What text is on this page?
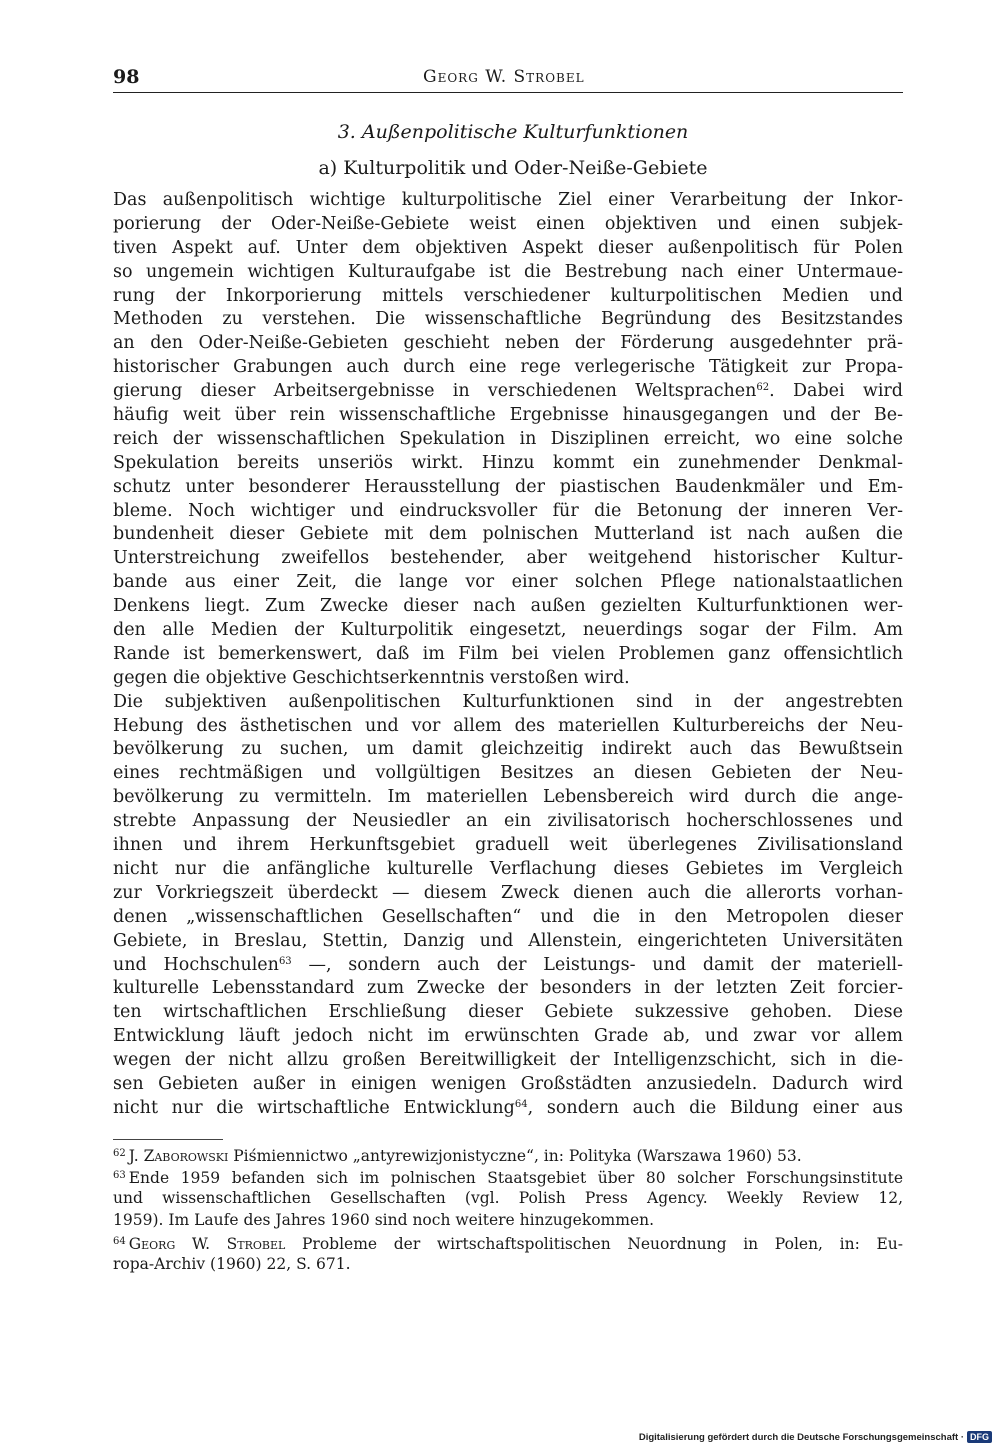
98	Georg W. Strobel
3. Außenpolitische Kulturfunktionen
a) Kulturpolitik und Oder-Neiße-Gebiete
Das außenpolitisch wichtige kulturpolitische Ziel einer Verarbeitung der Inkor-
porierung der Oder-Neiße-Gebiete weist einen objektiven und einen subjek-
tiven Aspekt auf. Unter dem objektiven Aspekt dieser außenpolitisch für Polen
so ungemein wichtigen Kulturaufgabe ist die Bestrebung nach einer Untermaue-
rung der Inkorporierung mittels verschiedener kulturpolitischen Medien und
Methoden zu verstehen. Die wissenschaftliche Begründung des Besitzstandes
an den Oder-Neiße-Gebieten geschieht neben der Förderung ausgedehnter prä-
historischer Grabungen auch durch eine rege verlegerische Tätigkeit zur Propa-
gierung dieser Arbeitsergebnisse in verschiedenen Weltsprachen$^{62}$. Dabei wird
häufig weit über rein wissenschaftliche Ergebnisse hinausgegangen und der Be-
reich der wissenschaftlichen Spekulation in Disziplinen erreicht, wo eine solche
Spekulation bereits unseriös wirkt. Hinzu kommt ein zunehmender Denkmal-
schutz unter besonderer Herausstellung der piastischen Baudenkmäler und Em-
bleme. Noch wichtiger und eindrucksvoller für die Betonung der inneren Ver-
bundenheit dieser Gebiete mit dem polnischen Mutterland ist nach außen die
Unterstreichung zweifellos bestehender, aber weitgehend historischer Kultur-
bande aus einer Zeit, die lange vor einer solchen Pflege nationalstaatlichen
Denkens liegt. Zum Zwecke dieser nach außen gezielten Kulturfunktionen wer-
den alle Medien der Kulturpolitik eingesetzt, neuerdings sogar der Film. Am
Rande ist bemerkenswert, daß im Film bei vielen Problemen ganz offensichtlich
gegen die objektive Geschichtserkenntnis verstoßen wird.
Die subjektiven außenpolitischen Kulturfunktionen sind in der angestrebten
Hebung des ästhetischen und vor allem des materiellen Kulturbereichs der Neu-
bevölkerung zu suchen, um damit gleichzeitig indirekt auch das Bewußtsein
eines rechtmäßigen und vollgültigen Besitzes an diesen Gebieten der Neu-
bevölkerung zu vermitteln. Im materiellen Lebensbereich wird durch die ange-
strebte Anpassung der Neusiedler an ein zivilisatorisch hocherschlossenes und
ihnen und ihrem Herkunftsgebiet graduell weit überlegenes Zivilisationsland
nicht nur die anfängliche kulturelle Verflachung dieses Gebietes im Vergleich
zur Vorkriegszeit überdeckt — diesem Zweck dienen auch die allerorts vorhan-
denen „wissenschaftlichen Gesellschaften“ und die in den Metropolen dieser
Gebiete, in Breslau, Stettin, Danzig und Allenstein, eingerichteten Universitäten
und Hochschulen$^{63}$ —, sondern auch der Leistungs- und damit der materiell-
kulturelle Lebensstandard zum Zwecke der besonders in der letzten Zeit forcier-
ten wirtschaftlichen Erschließung dieser Gebiete sukzessive gehoben. Diese
Entwicklung läuft jedoch nicht im erwünschten Grade ab, und zwar vor allem
wegen der nicht allzu großen Bereitwilligkeit der Intelligenzschicht, sich in die-
sen Gebieten außer in einigen wenigen Großstädten anzusiedeln. Dadurch wird
nicht nur die wirtschaftliche Entwicklung$^{64}$, sondern auch die Bildung einer aus
$^{62}$ J. Zaborowski Piśmiennictwo „antyrewizjonistyczne“, in: Polityka (Warszawa 1960) 53.
$^{63}$ Ende 1959 befanden sich im polnischen Staatsgebiet über 80 solcher Forschungsinstitute
und wissenschaftlichen Gesellschaften (vgl. Polish Press Agency. Weekly Review 12,
1959). Im Laufe des Jahres 1960 sind noch weitere hinzugekommen.
$^{64}$ Georg W. Strobel Probleme der wirtschaftspolitischen Neuordnung in Polen, in: Eu-
ropa-Archiv (1960) 22, S. 671.
Digitalisierung gefördert durch die Deutsche Forschungsgemeinschaft · DFG
